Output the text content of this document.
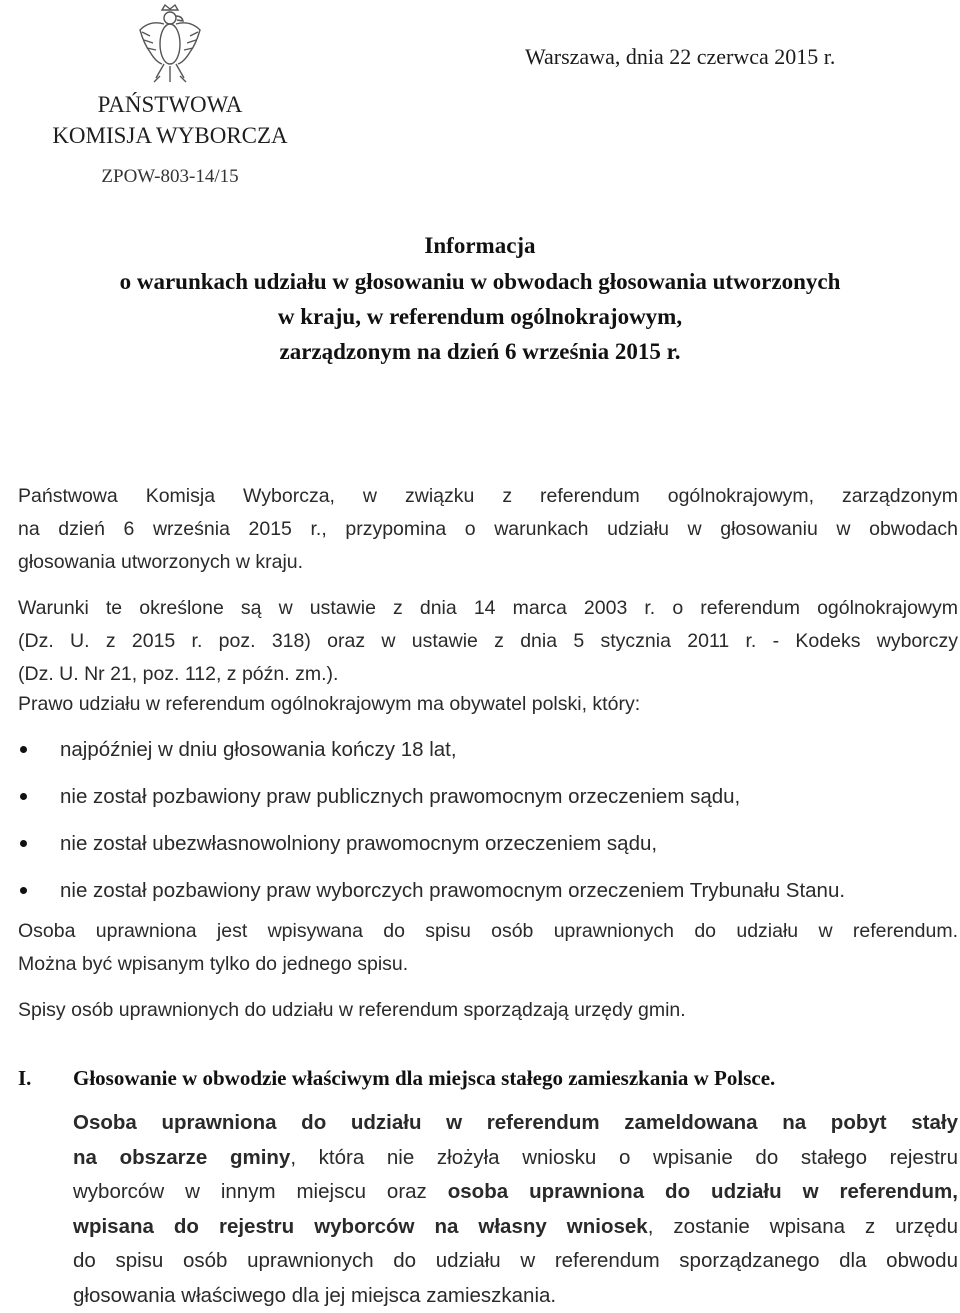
PAŃSTWOWA
KOMISJA WYBORCZA
ZPOW-803-14/15
Warszawa, dnia 22 czerwca 2015 r.
Informacja
o warunkach udziału w głosowaniu w obwodach głosowania utworzonych
w kraju, w referendum ogólnokrajowym,
zarządzonym na dzień 6 września 2015 r.
Państwowa Komisja Wyborcza, w związku z referendum ogólnokrajowym, zarządzonym
na dzień 6 września 2015 r., przypomina o warunkach udziału w głosowaniu w obwodach
głosowania utworzonych w kraju.
Warunki te określone są w ustawie z dnia 14 marca 2003 r. o referendum ogólnokrajowym
(Dz. U. z 2015 r. poz. 318) oraz w ustawie z dnia 5 stycznia 2011 r. - Kodeks wyborczy
(Dz. U. Nr 21, poz. 112, z późn. zm.).
Prawo udziału w referendum ogólnokrajowym ma obywatel polski, który:
najpóźniej w dniu głosowania kończy 18 lat,
nie został pozbawiony praw publicznych prawomocnym orzeczeniem sądu,
nie został ubezwłasnowolniony prawomocnym orzeczeniem sądu,
nie został pozbawiony praw wyborczych prawomocnym orzeczeniem Trybunału Stanu.
Osoba uprawniona jest wpisywana do spisu osób uprawnionych do udziału w referendum.
Można być wpisanym tylko do jednego spisu.
Spisy osób uprawnionych do udziału w referendum sporządzają urzędy gmin.
I. Głosowanie w obwodzie właściwym dla miejsca stałego zamieszkania w Polsce.
Osoba uprawniona do udziału w referendum zameldowana na pobyt stały
na obszarze gminy, która nie złożyła wniosku o wpisanie do stałego rejestru
wyborców w innym miejscu oraz osoba uprawniona do udziału w referendum,
wpisana do rejestru wyborców na własny wniosek, zostanie wpisana z urzędu
do spisu osób uprawnionych do udziału w referendum sporządzanego dla obwodu
głosowania właściwego dla jej miejsca zamieszkania.
